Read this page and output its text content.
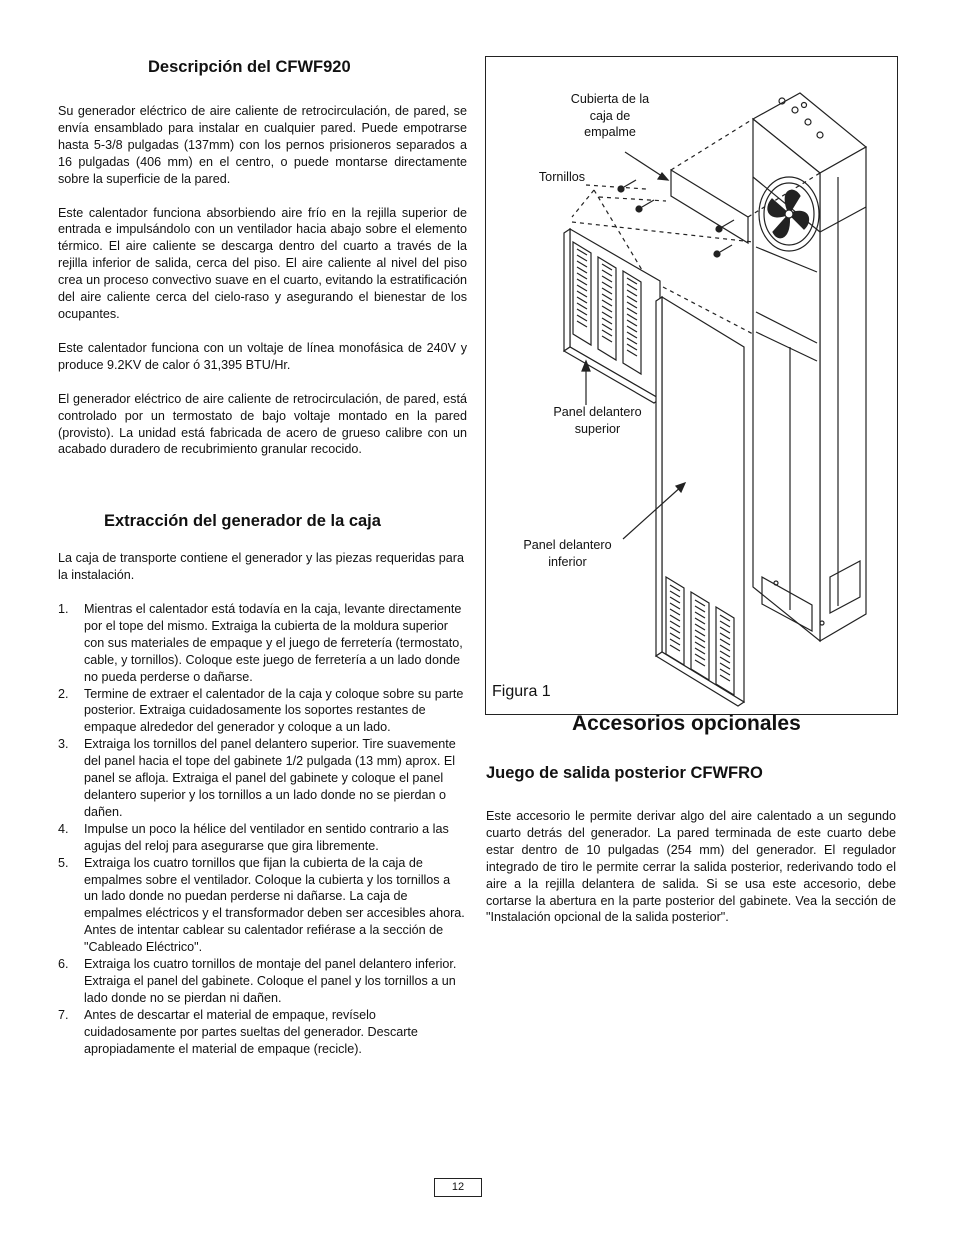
Descripción del CFWF920

Su generador eléctrico de aire caliente de retrocirculación, de pared, se envía ensamblado para instalar en cualquier pared. Puede empotrarse hasta 5-3/8 pulgadas (137mm) con los pernos prisioneros separados a 16 pulgadas (406 mm) en el centro, o puede montarse directamente sobre la superficie de la pared.

Este calentador funciona absorbiendo aire frío en la rejilla superior de entrada e impulsándolo con un ventilador hacia abajo sobre el elemento térmico. El aire caliente se descarga dentro del cuarto a través de la rejilla inferior de salida, cerca del piso. El aire caliente al nivel del piso crea un proceso convectivo suave en el cuarto, evitando la estratificación del aire caliente cerca del cielo-raso y asegurando el bienestar de los ocupantes.

Este calentador funciona con un voltaje de línea monofásica de 240V y produce 9.2KV de calor ó 31,395 BTU/Hr.

El generador eléctrico de aire caliente de retrocirculación, de pared, está controlado por un termostato de bajo voltaje montado en la pared (provisto). La unidad está fabricada de acero de grueso calibre con un acabado duradero de recubrimiento granular recocido.

Extracción del generador de la caja

La caja de transporte contiene el generador y las piezas requeridas para la instalación.

1. Mientras el calentador está todavía en la caja, levante directamente por el tope del mismo. Extraiga la cubierta de la moldura superior con sus materiales de empaque y el juego de ferretería (termostato, cable, y tornillos). Coloque este juego de ferretería a un lado donde no pueda perderse o dañarse.
2. Termine de extraer el calentador de la caja y coloque sobre su parte posterior. Extraiga cuidadosamente los soportes restantes de empaque alrededor del generador y coloque a un lado.
3. Extraiga los tornillos del panel delantero superior. Tire suavemente del panel hacia el tope del gabinete 1/2 pulgada (13 mm) aprox. El panel se afloja. Extraiga el panel del gabinete y coloque el panel delantero superior y los tornillos a un lado donde no se pierdan o dañen.
4. Impulse un poco la hélice del ventilador en sentido contrario a las agujas del reloj para asegurarse que gira libremente.
5. Extraiga los cuatro tornillos que fijan la cubierta de la caja de empalmes sobre el ventilador. Coloque la cubierta y los tornillos a un lado donde no puedan perderse ni dañarse. La caja de empalmes eléctricos y el transformador deben ser accesibles ahora. Antes de intentar cablear su calentador refiérase a la sección de "Cableado Eléctrico".
6. Extraiga los cuatro tornillos de montaje del panel delantero inferior. Extraiga el panel del gabinete. Coloque el panel y los tornillos a un lado donde no se pierdan ni dañen.
7. Antes de descartar el material de empaque, revíselo cuidadosamente por partes sueltas del generador. Descarte apropiadamente el material de empaque (recicle).
Cubierta de la
caja de
empalme
Tornillos
Panel delantero
superior
Panel delantero
inferior
Figura 1
Accesorios opcionales
Juego de salida posterior CFWFRO

Este accesorio le permite derivar algo del aire calentado a un segundo cuarto detrás del generador. La pared terminada de este cuarto debe estar dentro de 10 pulgadas (254 mm) del generador. El regulador integrado de tiro le permite cerrar la salida posterior, rederivando todo el aire a la rejilla delantera de salida. Si se usa este accesorio, debe cortarse la abertura en la parte posterior del gabinete. Vea la sección de "Instalación opcional de la salida posterior".

12
